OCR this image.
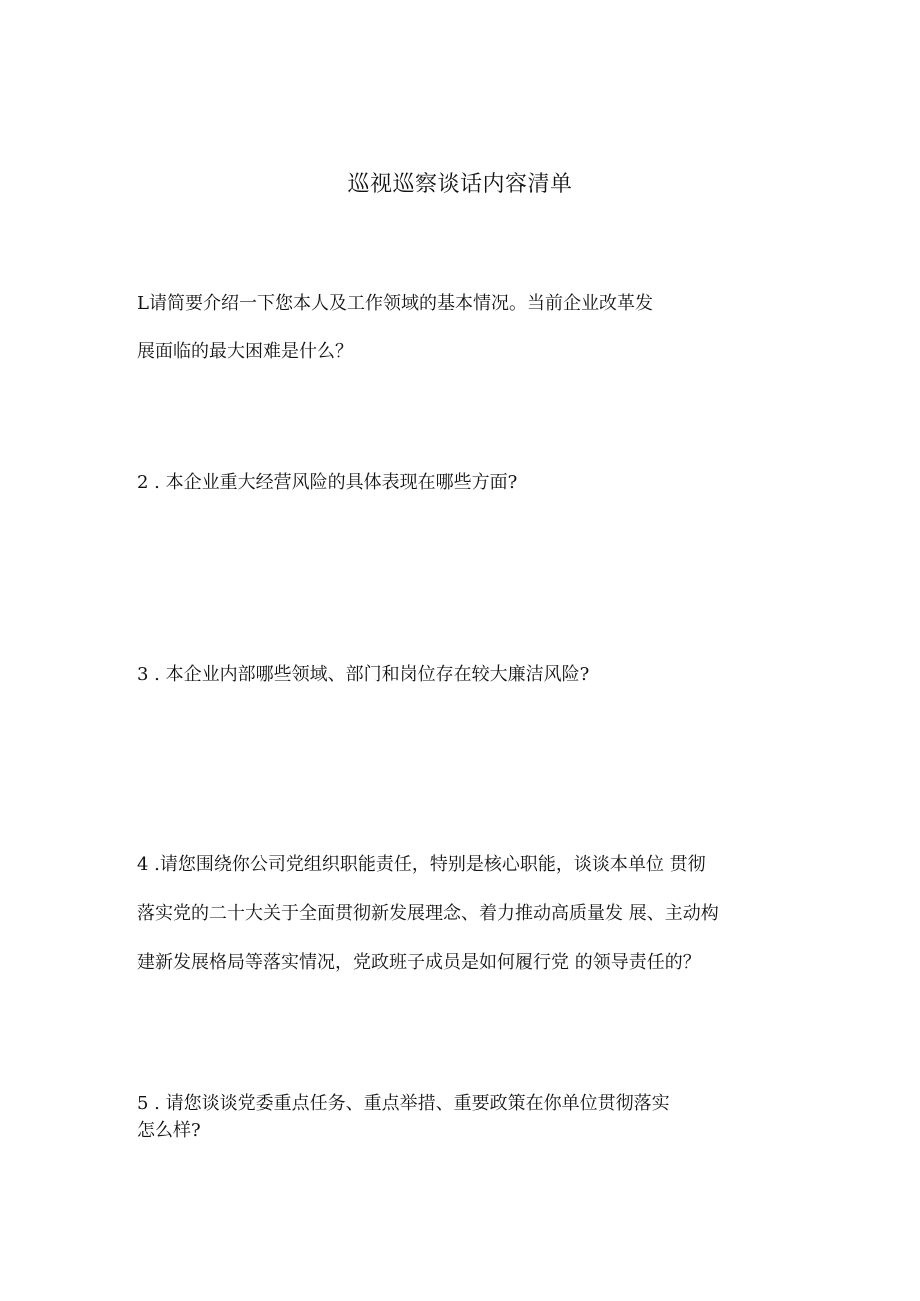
巡视巡察谈话内容清单
L请简要介绍一下您本人及工作领域的基本情况。当前企业改革发
展面临的最大困难是什么？
2 . 本企业重大经营风险的具体表现在哪些方面?
3 . 本企业内部哪些领域、部门和岗位存在较大廉洁风险?
4 .请您围绕你公司党组织职能责任，特别是核心职能，谈谈本单位 贯彻
落实党的二十大关于全面贯彻新发展理念、着力推动高质量发 展、主动构
建新发展格局等落实情况，党政班子成员是如何履行党 的领导责任的？
5 . 请您谈谈党委重点任务、重点举措、重要政策在你单位贯彻落实
怎么样?
